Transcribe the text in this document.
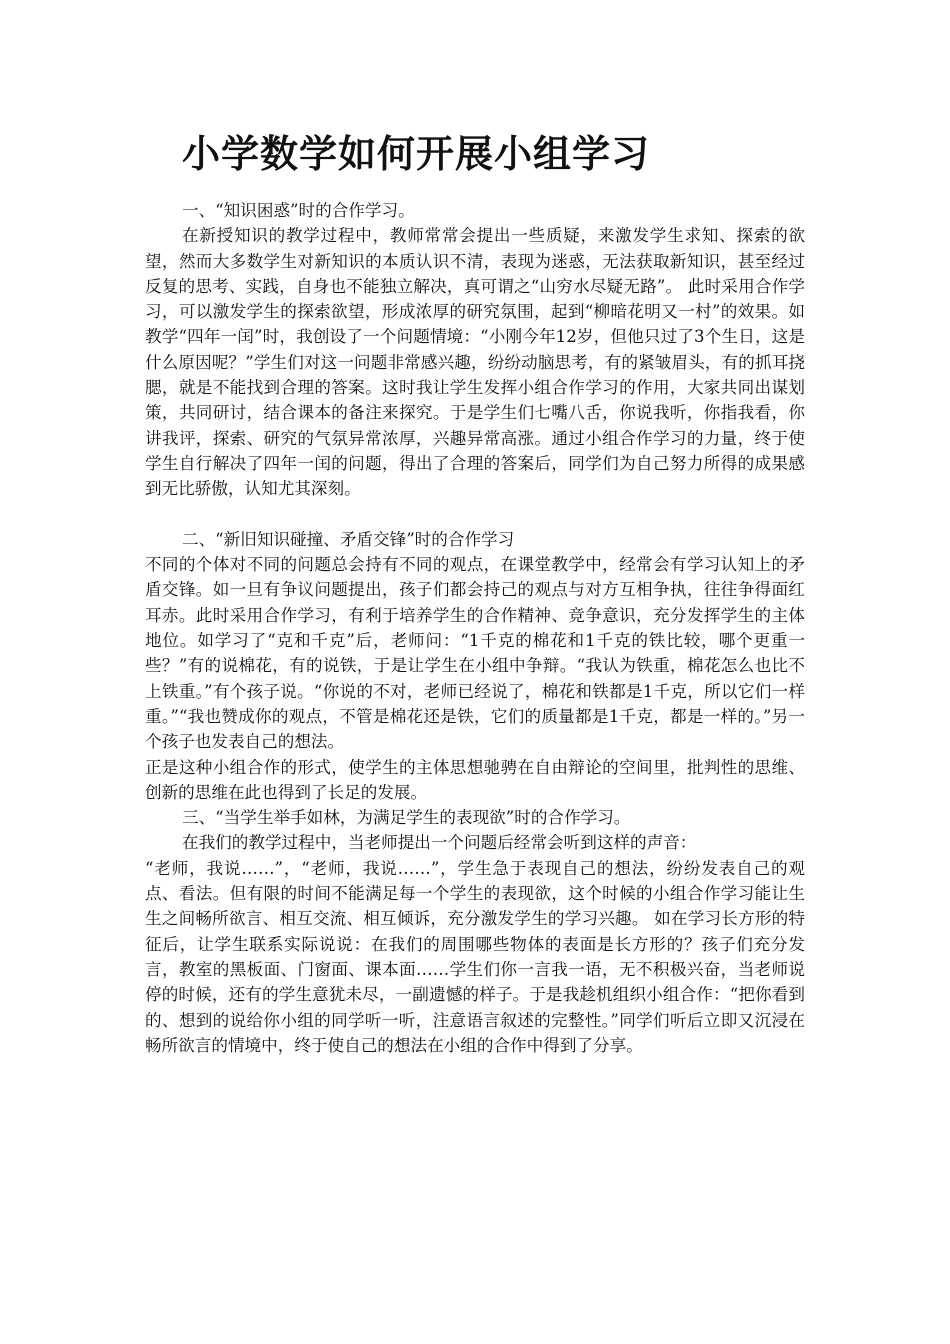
小学数学如何开展小组学习

一、“知识困惑”时的合作学习。

在新授知识的教学过程中，教师常常会提出一些质疑，来激发学生求知、探索的欲望，然而大多数学生对新知识的本质认识不清，表现为迷惑，无法获取新知识，甚至经过反复的思考、实践，自身也不能独立解决，真可谓之“山穷水尽疑无路”。 此时采用合作学习，可以激发学生的探索欲望，形成浓厚的研究氛围，起到“柳暗花明又一村”的效果。如教学“四年一闰”时，我创设了一个问题情境：“小刚今年12岁，但他只过了3个生日，这是什么原因呢？”学生们对这一问题非常感兴趣，纷纷动脑思考，有的紧皱眉头，有的抓耳挠腮，就是不能找到合理的答案。这时我让学生发挥小组合作学习的作用，大家共同出谋划策，共同研讨，结合课本的备注来探究。于是学生们七嘴八舌，你说我听，你指我看，你讲我评，探索、研究的气氛异常浓厚，兴趣异常高涨。通过小组合作学习的力量，终于使学生自行解决了四年一闰的问题，得出了合理的答案后，同学们为自己努力所得的成果感到无比骄傲，认知尤其深刻。

二、“新旧知识碰撞、矛盾交锋”时的合作学习

不同的个体对不同的问题总会持有不同的观点，在课堂教学中，经常会有学习认知上的矛盾交锋。如一旦有争议问题提出，孩子们都会持己的观点与对方互相争执，往往争得面红耳赤。此时采用合作学习，有利于培养学生的合作精神、竞争意识，充分发挥学生的主体地位。如学习了“克和千克”后，老师问：“1千克的棉花和1千克的铁比较，哪个更重一些？”有的说棉花，有的说铁，于是让学生在小组中争辩。“我认为铁重，棉花怎么也比不上铁重。”有个孩子说。“你说的不对，老师已经说了，棉花和铁都是1千克，所以它们一样重。”“我也赞成你的观点，不管是棉花还是铁，它们的质量都是1千克，都是一样的。”另一个孩子也发表自己的想法。

正是这种小组合作的形式，使学生的主体思想驰骋在自由辩论的空间里，批判性的思维、创新的思维在此也得到了长足的发展。

三、“当学生举手如林，为满足学生的表现欲”时的合作学习。

在我们的教学过程中，当老师提出一个问题后经常会听到这样的声音：

“老师，我说……”，“老师，我说……”，学生急于表现自己的想法，纷纷发表自己的观点、看法。但有限的时间不能满足每一个学生的表现欲，这个时候的小组合作学习能让生生之间畅所欲言、相互交流、相互倾诉，充分激发学生的学习兴趣。 如在学习长方形的特征后，让学生联系实际说说：在我们的周围哪些物体的表面是长方形的？孩子们充分发言，教室的黑板面、门窗面、课本面……学生们你一言我一语，无不积极兴奋，当老师说停的时候，还有的学生意犹未尽，一副遗憾的样子。于是我趁机组织小组合作：“把你看到的、想到的说给你小组的同学听一听，注意语言叙述的完整性。”同学们听后立即又沉浸在畅所欲言的情境中，终于使自己的想法在小组的合作中得到了分享。
